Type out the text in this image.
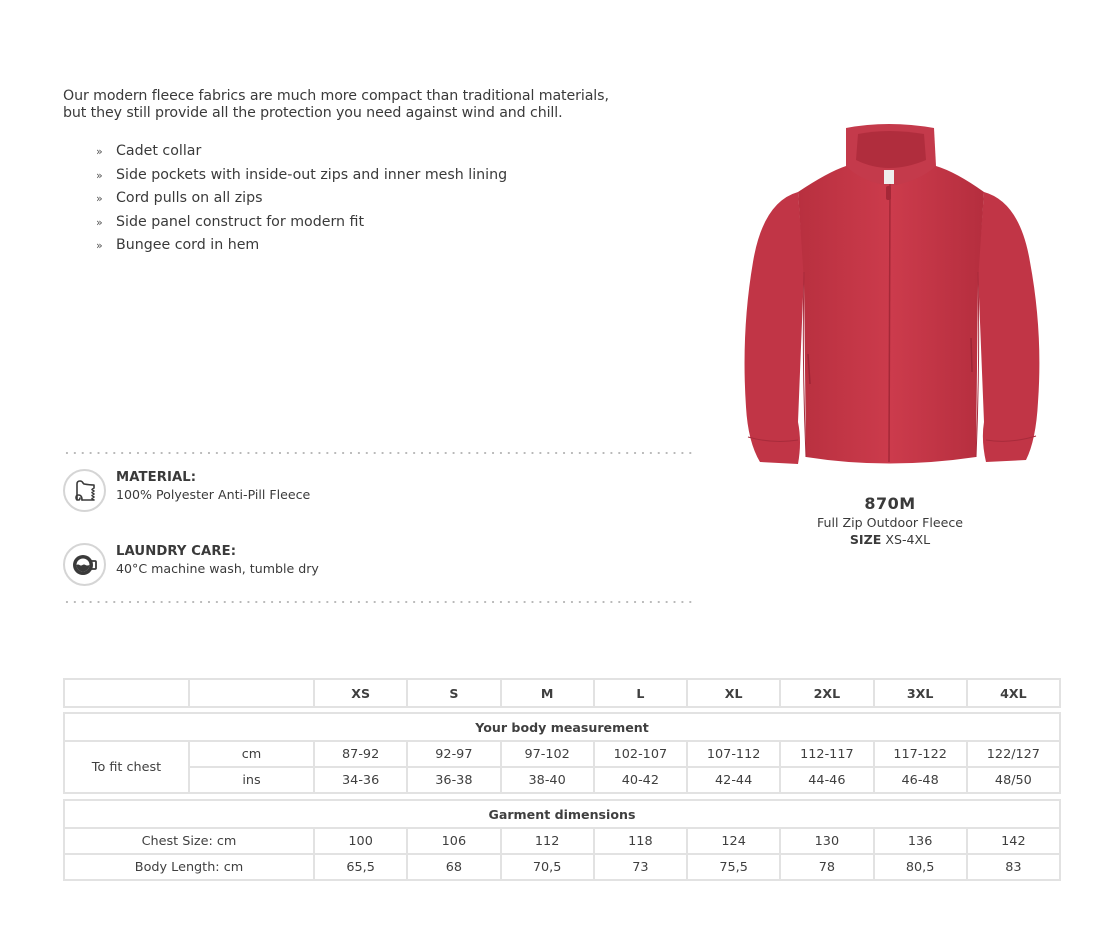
Our modern fleece fabrics are much more compact than traditional materials,
but they still provide all the protection you need against wind and chill.
» Cadet collar
» Side pockets with inside-out zips and inner mesh lining
» Cord pulls on all zips
» Side panel construct for modern fit
» Bungee cord in hem
MATERIAL:
100% Polyester Anti-Pill Fleece
LAUNDRY CARE:
40°C machine wash, tumble dry
870M
Full Zip Outdoor Fleece
SIZE XS-4XL
		XS	S	M	L	XL	2XL	3XL	4XL
Your body measurement									
To fit chest	cm	87-92	92-97	97-102	102-107	107-112	112-117	117-122	122/127
	ins	34-36	36-38	38-40	40-42	42-44	44-46	46-48	48/50
Garment dimensions								
Chest Size: cm	100	106	112	118	124	130	136	142
Body Length: cm	65,5	68	70,5	73	75,5	78	80,5	83
